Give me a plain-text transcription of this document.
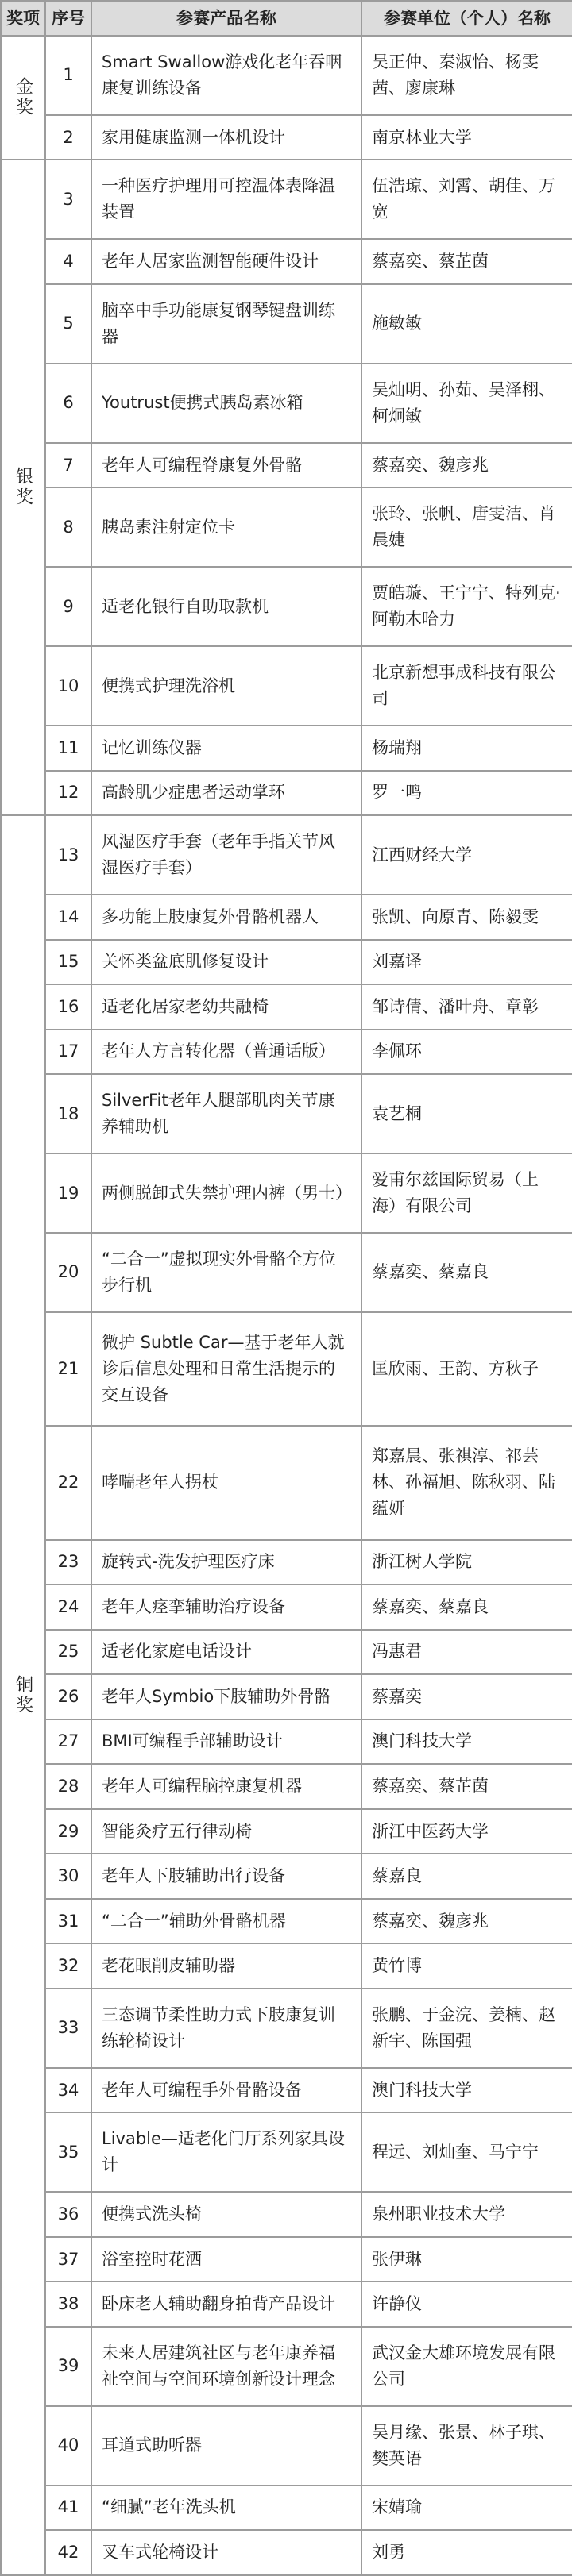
奖项	序号	参赛产品名称	参赛单位（个人）名称
金奖	1	Smart Swallow游戏化老年吞咽康复训练设备	吴正仲、秦淑怡、杨雯茜、廖康琳
	2	家用健康监测一体机设计	南京林业大学
银奖	3	一种医疗护理用可控温体表降温装置	伍浩琼、刘霄、胡佳、万宽
	4	老年人居家监测智能硬件设计	蔡嘉奕、蔡芷茵
	5	脑卒中手功能康复钢琴键盘训练器	施敏敏
	6	Youtrust便携式胰岛素冰箱	吴灿明、孙茹、吴泽栩、柯炯敏
	7	老年人可编程脊康复外骨骼	蔡嘉奕、魏彦兆
	8	胰岛素注射定位卡	张玲、张帆、唐雯洁、肖晨婕
	9	适老化银行自助取款机	贾皓璇、王宁宁、特列克·阿勒木哈力
	10	便携式护理洗浴机	北京新想事成科技有限公司
	11	记忆训练仪器	杨瑞翔
	12	高龄肌少症患者运动掌环	罗一鸣
铜奖	13	风湿医疗手套（老年手指关节风湿医疗手套）	江西财经大学
	14	多功能上肢康复外骨骼机器人	张凯、向原青、陈毅雯
	15	关怀类盆底肌修复设计	刘嘉译
	16	适老化居家老幼共融椅	邹诗倩、潘叶舟、章彰
	17	老年人方言转化器（普通话版）	李佩环
	18	SilverFit老年人腿部肌肉关节康养辅助机	袁艺桐
	19	两侧脱卸式失禁护理内裤（男士）	爱甫尔兹国际贸易（上海）有限公司
	20	“二合一”虚拟现实外骨骼全方位步行机	蔡嘉奕、蔡嘉良
	21	微护 Subtle Car—基于老年人就诊后信息处理和日常生活提示的交互设备	匡欣雨、王韵、方秋子
	22	哮喘老年人拐杖	郑嘉晨、张祺淳、祁芸林、孙福旭、陈秋羽、陆蕴妍
	23	旋转式-洗发护理医疗床	浙江树人学院
	24	老年人痉挛辅助治疗设备	蔡嘉奕、蔡嘉良
	25	适老化家庭电话设计	冯惠君
	26	老年人Symbio下肢辅助外骨骼	蔡嘉奕
	27	BMI可编程手部辅助设计	澳门科技大学
	28	老年人可编程脑控康复机器	蔡嘉奕、蔡芷茵
	29	智能灸疗五行律动椅	浙江中医药大学
	30	老年人下肢辅助出行设备	蔡嘉良
	31	“二合一”辅助外骨骼机器	蔡嘉奕、魏彦兆
	32	老花眼削皮辅助器	黄竹博
	33	三态调节柔性助力式下肢康复训练轮椅设计	张鹏、于金浣、姜楠、赵新宇、陈国强
	34	老年人可编程手外骨骼设备	澳门科技大学
	35	Livable—适老化门厅系列家具设计	程远、刘灿奎、马宁宁
	36	便携式洗头椅	泉州职业技术大学
	37	浴室控时花洒	张伊琳
	38	卧床老人辅助翻身拍背产品设计	许静仪
	39	未来人居建筑社区与老年康养福祉空间与空间环境创新设计理念	武汉金大雄环境发展有限公司
	40	耳道式助听器	吴月缘、张景、林子琪、樊英语
	41	“细腻”老年洗头机	宋婧瑜
	42	叉车式轮椅设计	刘勇
